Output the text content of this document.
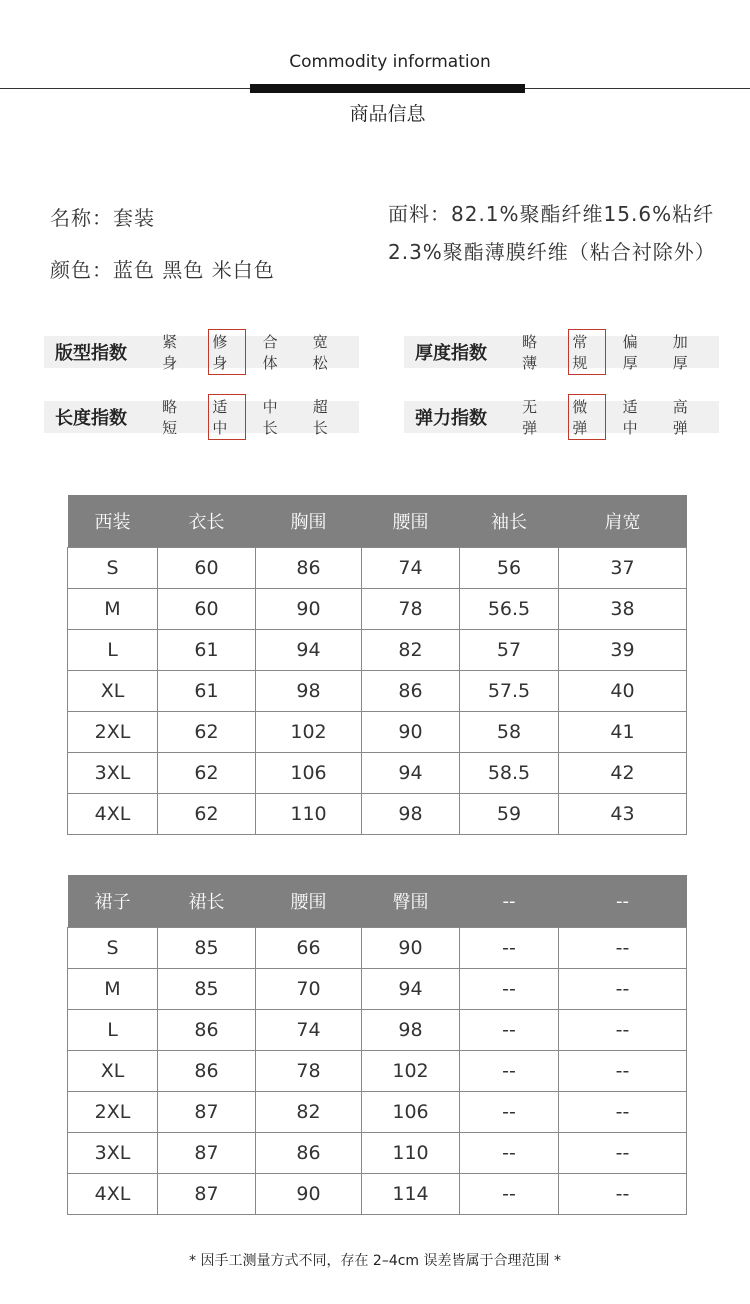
Commodity information
商品信息
名称：套装
颜色：蓝色 黑色 米白色
面料：82.1%聚酯纤维15.6%粘纤
2.3%聚酯薄膜纤维（粘合衬除外）
版型指数
紧身
修身
合体
宽松	厚度指数
略薄
常规
偏厚
加厚
长度指数
略短
适中
中长
超长	弹力指数
无弹
微弹
适中
高弹
西装	衣长	胸围	腰围	袖长	肩宽
S	60	86	74	56	37
M	60	90	78	56.5	38
L	61	94	82	57	39
XL	61	98	86	57.5	40
2XL	62	102	90	58	41
3XL	62	106	94	58.5	42
4XL	62	110	98	59	43
裙子	裙长	腰围	臀围	--	--
S	85	66	90	--	--
M	85	70	94	--	--
L	86	74	98	--	--
XL	86	78	102	--	--
2XL	87	82	106	--	--
3XL	87	86	110	--	--
4XL	87	90	114	--	--
* 因手工测量方式不同，存在 2–4cm 误差皆属于合理范围 *
